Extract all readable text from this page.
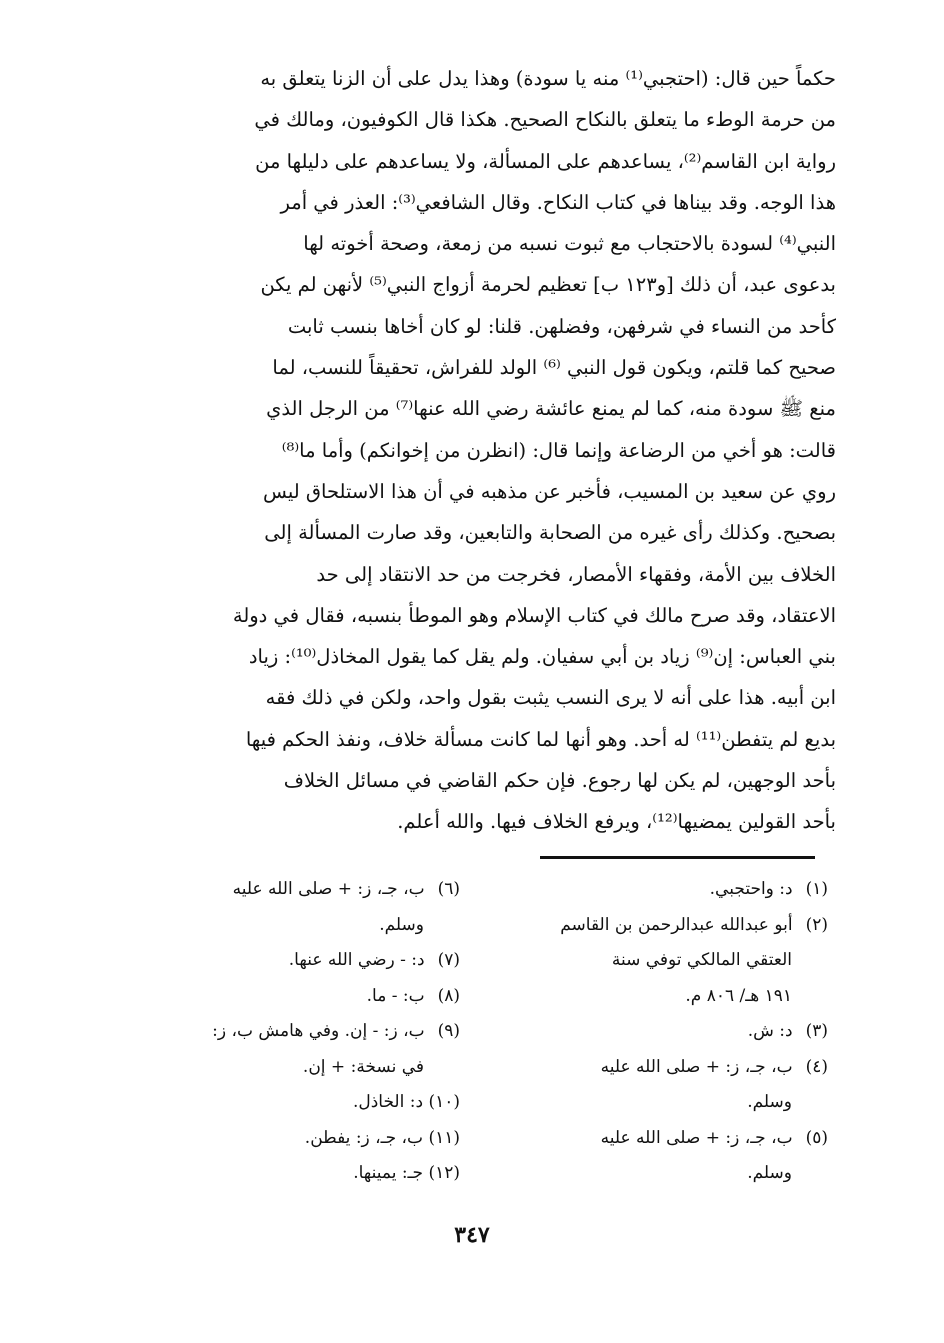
حكماً حين قال: (احتجبي⁽¹⁾ منه يا سودة) وهذا يدل على أن الزنا يتعلق به
من حرمة الوطء ما يتعلق بالنكاح الصحيح. هكذا قال الكوفيون، ومالك في
رواية ابن القاسم⁽²⁾، يساعدهم على المسألة، ولا يساعدهم على دليلها من
هذا الوجه. وقد بيناها في كتاب النكاح. وقال الشافعي⁽³⁾: العذر في أمر
النبي⁽⁴⁾ لسودة بالاحتجاب مع ثبوت نسبه من زمعة، وصحة أخوته لها
بدعوى عبد، أن ذلك [و١٢٣ ب] تعظيم لحرمة أزواج النبي⁽⁵⁾ لأنهن لم يكن
كأحد من النساء في شرفهن، وفضلهن. قلنا: لو كان أخاها بنسب ثابت
صحيح كما قلتم، ويكون قول النبي ⁽⁶⁾ الولد للفراش، تحقيقاً للنسب، لما
منع ﷺ سودة منه، كما لم يمنع عائشة رضي الله عنها⁽⁷⁾ من الرجل الذي
قالت: هو أخي من الرضاعة وإنما قال: (انظرن من إخوانكم) وأما ما⁽⁸⁾
روي عن سعيد بن المسيب، فأخبر عن مذهبه في أن هذا الاستلحاق ليس
بصحيح. وكذلك رأى غيره من الصحابة والتابعين، وقد صارت المسألة إلى
الخلاف بين الأمة، وفقهاء الأمصار، فخرجت من حد الانتقاد إلى حد
الاعتقاد، وقد صرح مالك في كتاب الإسلام وهو الموطأ بنسبه، فقال في دولة
بني العباس: إن⁽⁹⁾ زياد بن أبي سفيان. ولم يقل كما يقول المخاذل⁽¹⁰⁾: زياد
ابن أبيه. هذا على أنه لا يرى النسب يثبت بقول واحد، ولكن في ذلك فقه
بديع لم يتفطن⁽¹¹⁾ له أحد. وهو أنها لما كانت مسألة خلاف، ونفذ الحكم فيها
بأحد الوجهين، لم يكن لها رجوع. فإن حكم القاضي في مسائل الخلاف
بأحد القولين يمضيها⁽¹²⁾، ويرفع الخلاف فيها. والله أعلم.
(١) د: واحتجبي.
(٢) أبو عبدالله عبدالرحمن بن القاسم
العتقي المالكي توفي سنة
١٩١ هـ/ ٨٠٦ م.
(٣) د: ش.
(٤) ب، جـ، ز: + صلى الله عليه
وسلم.
(٥) ب، جـ، ز: + صلى الله عليه
وسلم.
(٦) ب، جـ، ز: + صلى الله عليه
وسلم.
(٧) د: - رضي الله عنها.
(٨) ب: - ما.
(٩) ب، ز: - إن. وفي هامش ب، ز:
في نسخة: + إن.
(١٠) د: الخاذل.
(١١) ب، جـ، ز: يفطن.
(١٢) جـ: يمينها.
٣٤٧
